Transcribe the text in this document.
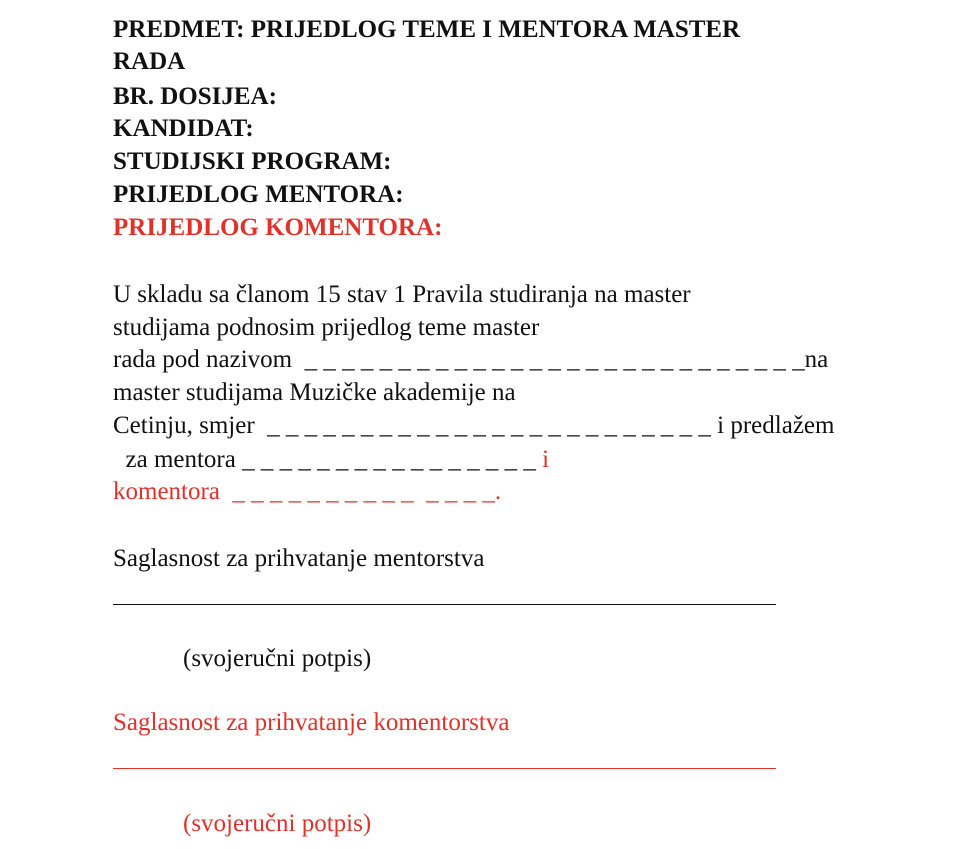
PREDMET: PRIJEDLOG TEME I MENTORA MASTER
RADA
BR. DOSIJEA:
KANDIDAT:
STUDIJSKI PROGRAM:
PRIJEDLOG MENTORA:
PRIJEDLOG KOMENTORA:
U skladu sa članom 15 stav 1 Pravila studiranja na master
studijama podnosim prijedlog teme master
rada pod nazivom _ _ _ _ _ _ _ _ _ _ _ _ _ _ _ _ _ _ _ _ _ _ _ _ _ _ _na
master studijama Muzičke akademije na
Cetinju, smjer _ _ _ _ _ _ _ _ _ _ _ _ _ _ _ _ _ _ _ _ _ _ _ _ i predlažem
za mentora _ _ _ _ _ _ _ _ _ _ _ _ _ _ _ _ i
komentora _ _ _ _ _ _ _ _ _ _  _ _ _ _.
Saglasnost za prihvatanje mentorstva
(svojeručni potpis)
Saglasnost za prihvatanje komentorstva
(svojeručni potpis)
